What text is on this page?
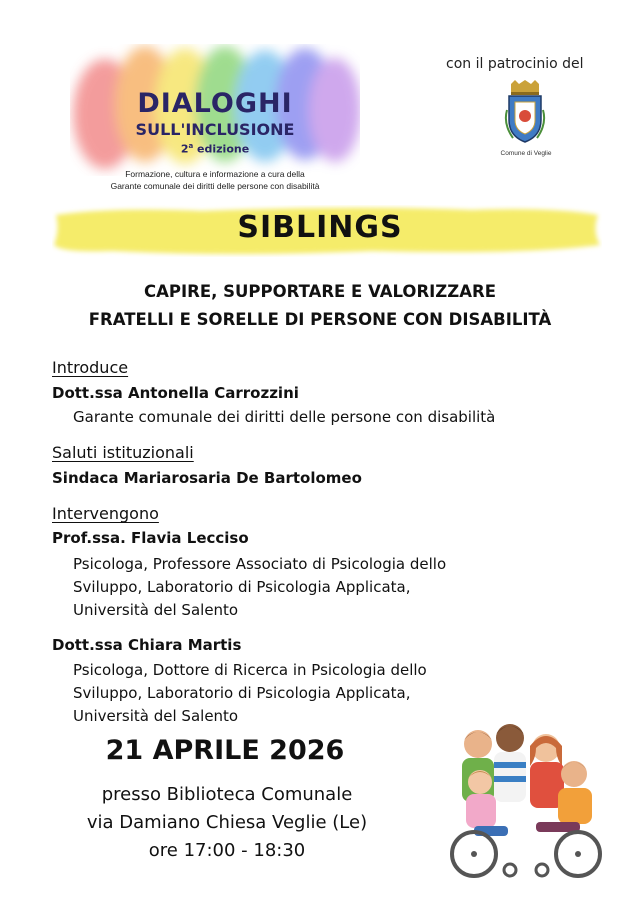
DIALOGHI
SULL'INCLUSIONE
2$^a$ edizione
Formazione, cultura e informazione a cura della
Garante comunale dei diritti delle persone con disabilità
con il patrocinio del
Comune di Veglie
SIBLINGS
CAPIRE, SUPPORTARE E VALORIZZARE
FRATELLI E SORELLE DI PERSONE CON DISABILITÀ
Introduce
Dott.ssa Antonella Carrozzini
Garante comunale dei diritti delle persone con disabilità
Saluti istituzionali
Sindaca Mariarosaria De Bartolomeo
Intervengono
Prof.ssa. Flavia Lecciso
Psicologa, Professore Associato di Psicologia dello
Sviluppo, Laboratorio di Psicologia Applicata,
Università del Salento
Dott.ssa Chiara Martis
Psicologa, Dottore di Ricerca in Psicologia dello
Sviluppo, Laboratorio di Psicologia Applicata,
Università del Salento
21 APRILE 2026
presso Biblioteca Comunale
via Damiano Chiesa Veglie (Le)
ore 17:00 - 18:30
